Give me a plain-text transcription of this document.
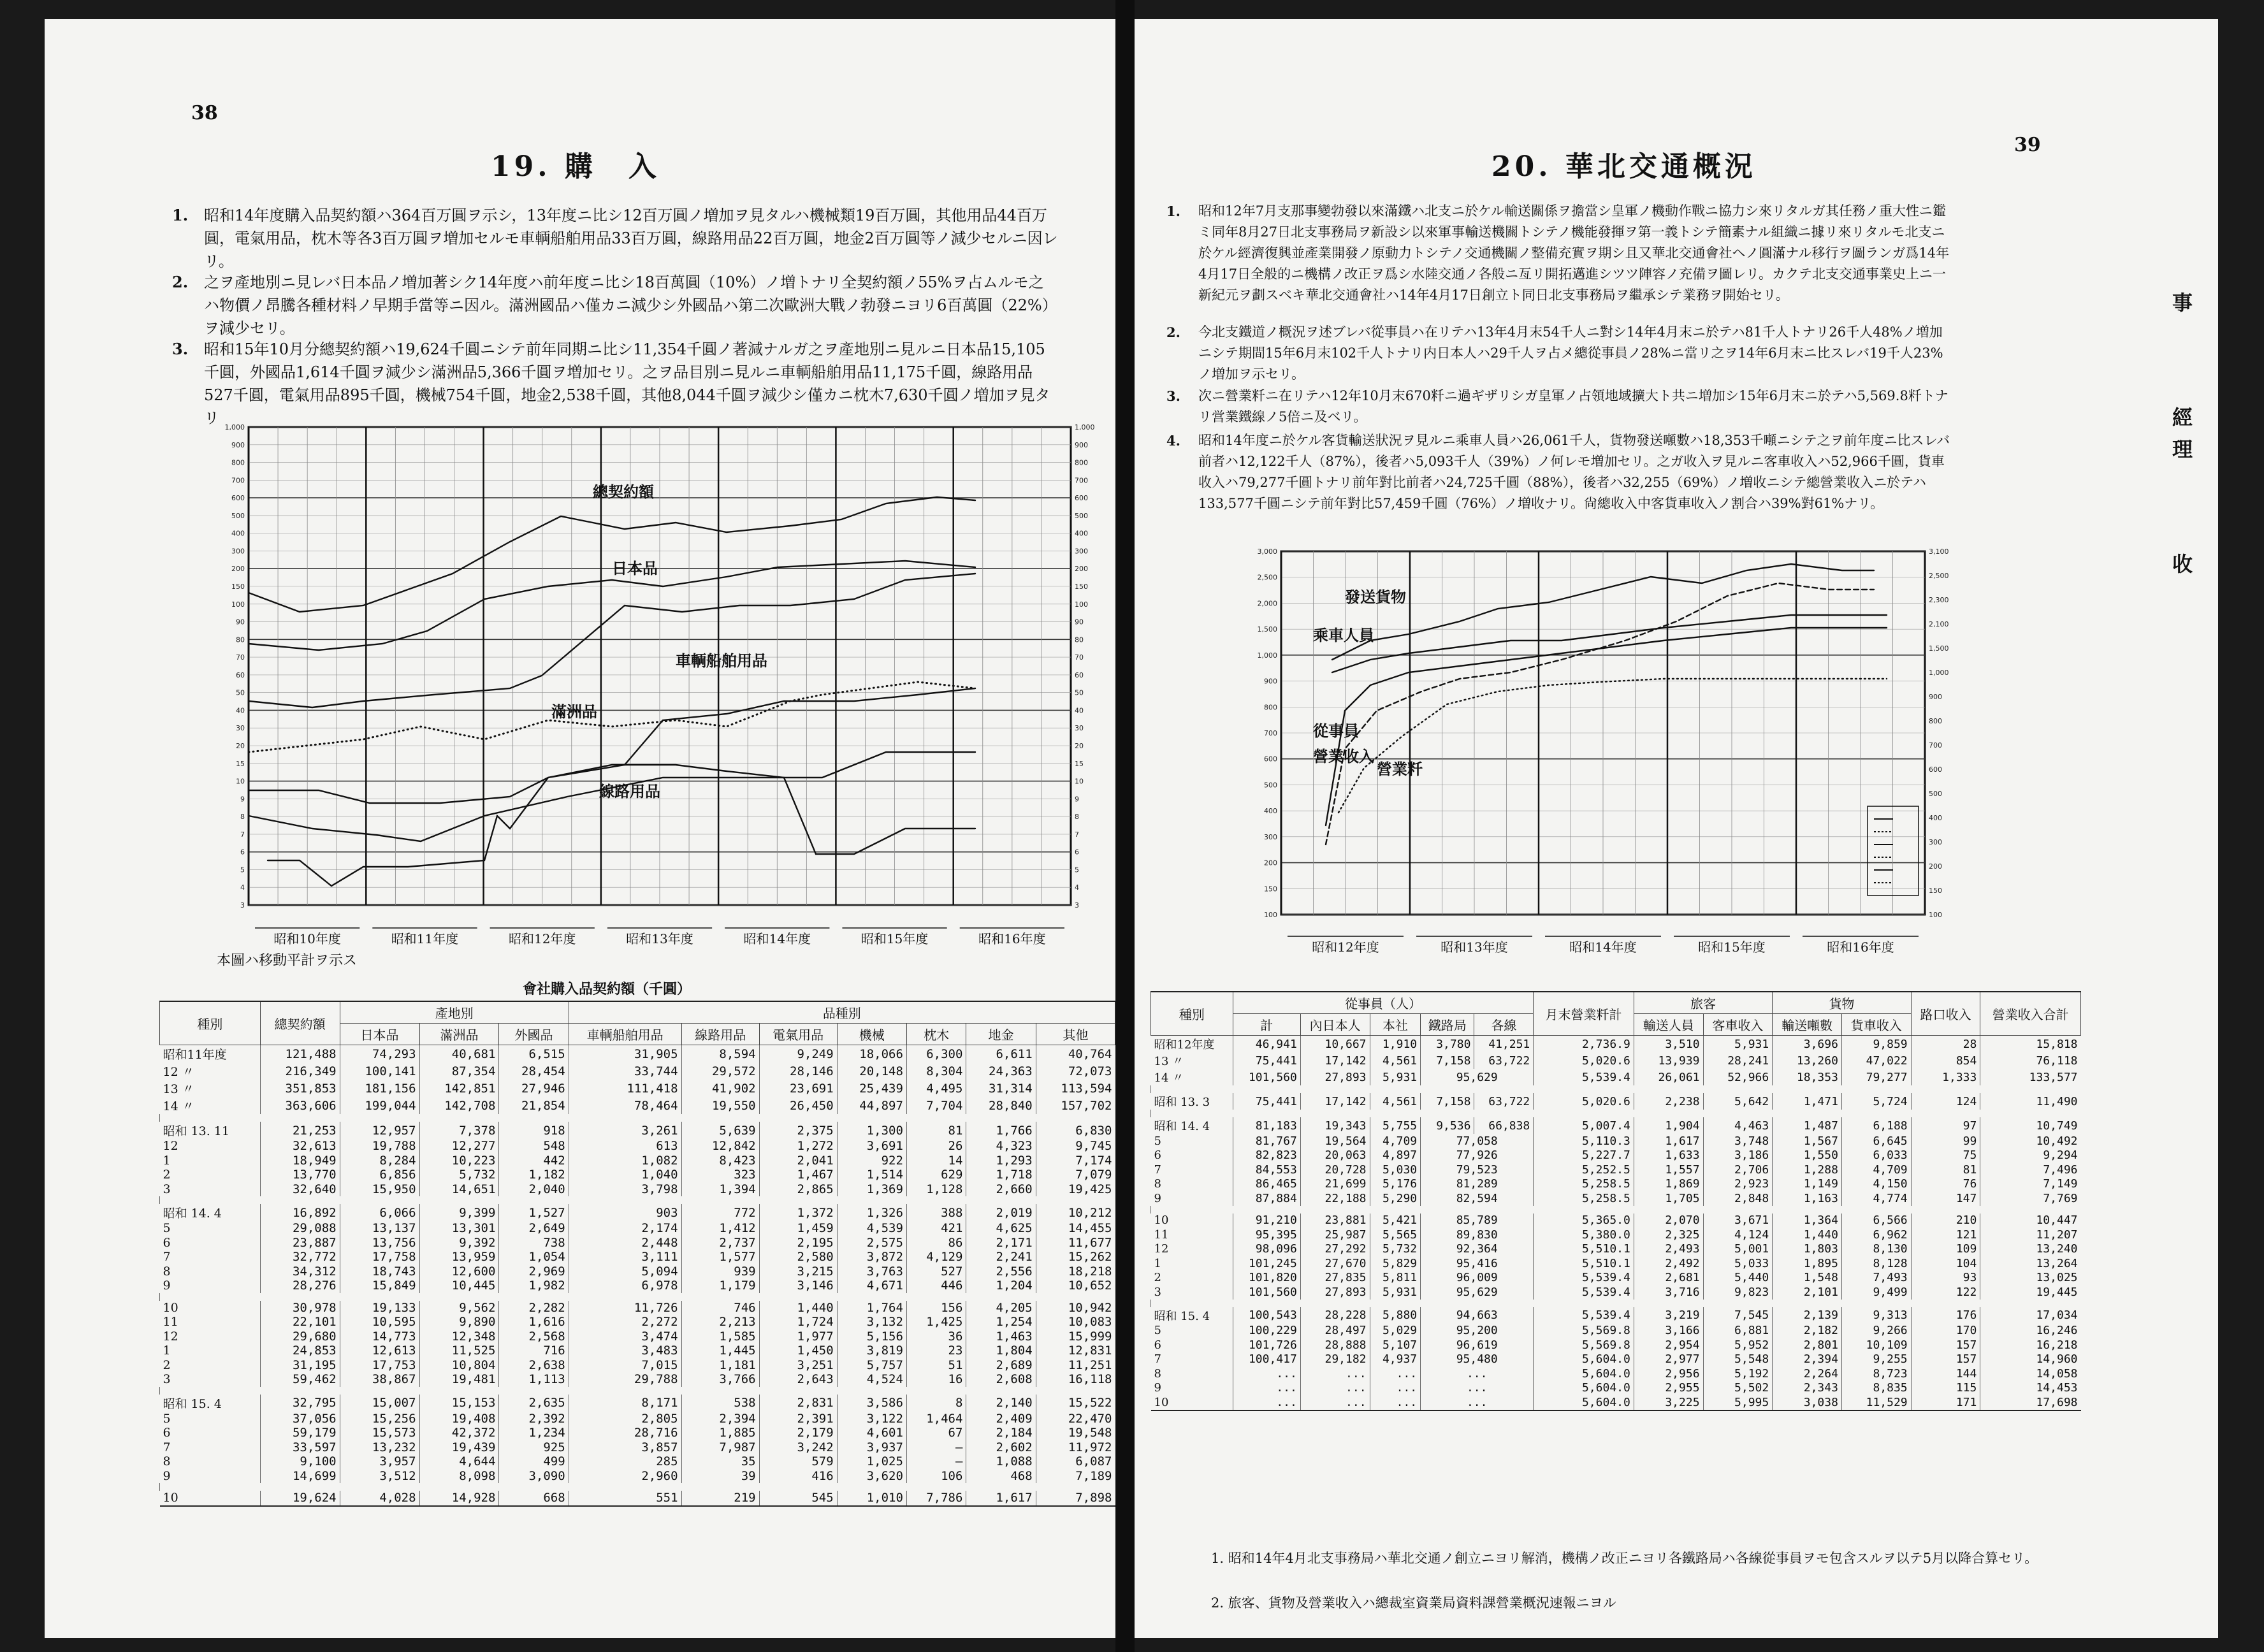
38
19. 購　入
1. 昭和14年度購入品契約額ハ364百万圓ヲ示シ，13年度ニ比シ12百万圓ノ増加ヲ見タルハ機械類19百万圓，其他用品44百万圓，電氣用品，枕木等各3百万圓ヲ増加セルモ車輌船舶用品33百万圓，線路用品22百万圓，地金2百万圓等ノ減少セルニ因レリ。
2. 之ヲ產地別ニ見レバ日本品ノ増加著シク14年度ハ前年度ニ比シ18百萬圓（10%）ノ増トナリ全契約額ノ55%ヲ占ムルモ之ハ物價ノ昂騰各種材料ノ早期手當等ニ因ル。滿洲國品ハ僅カニ減少シ外國品ハ第二次歐洲大戰ノ勃發ニヨリ6百萬圓（22%）ヲ減少セリ。
3. 昭和15年10月分總契約額ハ19,624千圓ニシテ前年同期ニ比シ11,354千圓ノ著減ナルガ之ヲ產地別ニ見ルニ日本品15,105千圓，外國品1,614千圓ヲ減少シ滿洲品5,366千圓ヲ増加セリ。之ヲ品目別ニ見ルニ車輌船舶用品11,175千圓，線路用品527千圓，電氣用品895千圓，機械754千圓，地金2,538千圓，其他8,044千圓ヲ減少シ僅カニ枕木7,630千圓ノ増加ヲ見タリ
1,000	1,000
900	900
800	800
700	700
600	600
500	500
400	400
300	300
200	200
150	150
100	100
90	90
80	80
70	70
60	60
50	50
40	40
30	30
20	20
15	15
10	10
9	9
8	8
7	7
6	6
5	5
4	4
3	3
昭和10年度	昭和11年度	昭和12年度	昭和13年度	昭和14年度	昭和15年度	昭和16年度
總契約額
日本品
車輌船舶用品
滿洲品
線路用品
本圖ハ移動平計ヲ示ス
會社購入品契約額（千圓）
種別	總契約額	產地別			品種別						
		日本品	滿洲品	外國品	車輌船舶用品	線路用品	電氣用品	機械	枕木	地金	其他
昭和11年度	121,488	74,293	40,681	6,515	31,905	8,594	9,249	18,066	6,300	6,611	40,764
12 〃	216,349	100,141	87,354	28,454	33,744	29,572	28,146	20,148	8,304	24,363	72,073
13 〃	351,853	181,156	142,851	27,946	111,418	41,902	23,691	25,439	4,495	31,314	113,594
14 〃	363,606	199,044	142,708	21,854	78,464	19,550	26,450	44,897	7,704	28,840	157,702

昭和 13. 11	21,253	12,957	7,378	918	3,261	5,639	2,375	1,300	81	1,766	6,830
12	32,613	19,788	12,277	548	613	12,842	1,272	3,691	26	4,323	9,745
1	18,949	8,284	10,223	442	1,082	8,423	2,041	922	14	1,293	7,174
2	13,770	6,856	5,732	1,182	1,040	323	1,467	1,514	629	1,718	7,079
3	32,640	15,950	14,651	2,040	3,798	1,394	2,865	1,369	1,128	2,660	19,425

昭和 14. 4	16,892	6,066	9,399	1,527	903	772	1,372	1,326	388	2,019	10,212
5	29,088	13,137	13,301	2,649	2,174	1,412	1,459	4,539	421	4,625	14,455
6	23,887	13,756	9,392	738	2,448	2,737	2,195	2,575	86	2,171	11,677
7	32,772	17,758	13,959	1,054	3,111	1,577	2,580	3,872	4,129	2,241	15,262
8	34,312	18,743	12,600	2,969	5,094	939	3,215	3,763	527	2,556	18,218
9	28,276	15,849	10,445	1,982	6,978	1,179	3,146	4,671	446	1,204	10,652

10	30,978	19,133	9,562	2,282	11,726	746	1,440	1,764	156	4,205	10,942
11	22,101	10,595	9,890	1,616	2,272	2,213	1,724	3,132	1,425	1,254	10,083
12	29,680	14,773	12,348	2,568	3,474	1,585	1,977	5,156	36	1,463	15,999
1	24,853	12,613	11,525	716	3,483	1,445	1,450	3,819	23	1,804	12,831
2	31,195	17,753	10,804	2,638	7,015	1,181	3,251	5,757	51	2,689	11,251
3	59,462	38,867	19,481	1,113	29,788	3,766	2,643	4,524	16	2,608	16,118

昭和 15. 4	32,795	15,007	15,153	2,635	8,171	538	2,831	3,586	8	2,140	15,522
5	37,056	15,256	19,408	2,392	2,805	2,394	2,391	3,122	1,464	2,409	22,470
6	59,179	15,573	42,372	1,234	28,716	1,885	2,179	4,601	67	2,184	19,548
7	33,597	13,232	19,439	925	3,857	7,987	3,242	3,937	—	2,602	11,972
8	9,100	3,957	4,644	499	285	35	579	1,025	—	1,088	6,087
9	14,699	3,512	8,098	3,090	2,960	39	416	3,620	106	468	7,189

10	19,624	4,028	14,928	668	551	219	545	1,010	7,786	1,617	7,898
39
20. 華北交通概況
事
經
理
收
1. 昭和12年7月支那事變勃發以來滿鐵ハ北支ニ於ケル輸送關係ヲ擔當シ皇軍ノ機動作戰ニ協力シ來リタルガ其任務ノ重大性ニ鑑ミ同年8月27日北支事務局ヲ新設シ以來軍事輸送機關トシテノ機能發揮ヲ第一義トシテ簡素ナル組織ニ據リ來リタルモ北支ニ於ケル經濟復興並產業開發ノ原動力トシテノ交通機關ノ整備充實ヲ期シ且又華北交通會社ヘノ圓滿ナル移行ヲ圖ランガ爲14年4月17日全般的ニ機構ノ改正ヲ爲シ水陸交通ノ各般ニ亙リ開拓邁進シツツ陣容ノ充備ヲ圖レリ。カクテ北支交通事業史上ニ一新紀元ヲ劃スベキ華北交通會社ハ14年4月17日創立ト同日北支事務局ヲ繼承シテ業務ヲ開始セリ。
2. 今北支鐵道ノ概況ヲ述ブレバ從事員ハ在リテハ13年4月末54千人ニ對シ14年4月末ニ於テハ81千人トナリ26千人48%ノ増加ニシテ期間15年6月末102千人トナリ内日本人ハ29千人ヲ占メ總從事員ノ28%ニ當リ之ヲ14年6月末ニ比スレバ19千人23%ノ増加ヲ示セリ。
3. 次ニ營業粁ニ在リテハ12年10月末670粁ニ過ギザリシガ皇軍ノ占領地域擴大ト共ニ増加シ15年6月末ニ於テハ5,569.8粁トナリ営業鐵線ノ5倍ニ及ベリ。
4. 昭和14年度ニ於ケル客貨輸送狀況ヲ見ルニ乘車人員ハ26,061千人，貨物發送噸數ハ18,353千噸ニシテ之ヲ前年度ニ比スレバ前者ハ12,122千人（87%），後者ハ5,093千人（39%）ノ何レモ増加セリ。之ガ收入ヲ見ルニ客車收入ハ52,966千圓，貨車收入ハ79,277千圓トナリ前年對比前者ハ24,725千圓（88%），後者ハ32,255（69%）ノ増收ニシテ總營業收入ニ於テハ133,577千圓ニシテ前年對比57,459千圓（76%）ノ増收ナリ。尙總收入中客貨車收入ノ割合ハ39%對61%ナリ。
3,000
2,500
2,000
1,500
1,000
900
800
700
600
500
400
300
200
150
100
3,100
2,500
2,300
2,100
1,500
1,000
900
800
700
600
500
400
300
200
150
100
昭和12年度	昭和13年度	昭和14年度	昭和15年度	昭和16年度
發送貨物
乘車人員
從事員
營業收入
營業粁
種別	從事員（人）					月末營業粁計	旅客		貨物		路口收入	營業收入合計
	計	內日本人	本社	鐵路局	各線		輸送人員	客車收入	輸送噸數	貨車收入		
昭和12年度	46,941	10,667	1,910	3,780	41,251	2,736.9	3,510	5,931	3,696	9,859	28	15,818
13 〃	75,441	17,142	4,561	7,158	63,722	5,020.6	13,939	28,241	13,260	47,022	854	76,118
14 〃	101,560	27,893	5,931	95,629		5,539.4	26,061	52,966	18,353	79,277	1,333	133,577

昭和 13. 3	75,441	17,142	4,561	7,158	63,722	5,020.6	2,238	5,642	1,471	5,724	124	11,490

昭和 14. 4	81,183	19,343	5,755	9,536	66,838	5,007.4	1,904	4,463	1,487	6,188	97	10,749
5	81,767	19,564	4,709	77,058		5,110.3	1,617	3,748	1,567	6,645	99	10,492
6	82,823	20,063	4,897	77,926		5,227.7	1,633	3,186	1,550	6,033	75	9,294
7	84,553	20,728	5,030	79,523		5,252.5	1,557	2,706	1,288	4,709	81	7,496
8	86,465	21,699	5,176	81,289		5,258.5	1,869	2,923	1,149	4,150	76	7,149
9	87,884	22,188	5,290	82,594		5,258.5	1,705	2,848	1,163	4,774	147	7,769

10	91,210	23,881	5,421	85,789		5,365.0	2,070	3,671	1,364	6,566	210	10,447
11	95,395	25,987	5,565	89,830		5,380.0	2,325	4,124	1,440	6,962	121	11,207
12	98,096	27,292	5,732	92,364		5,510.1	2,493	5,001	1,803	8,130	109	13,240
1	101,245	27,670	5,829	95,416		5,510.1	2,492	5,033	1,895	8,128	104	13,264
2	101,820	27,835	5,811	96,009		5,539.4	2,681	5,440	1,548	7,493	93	13,025
3	101,560	27,893	5,931	95,629		5,539.4	3,716	9,823	2,101	9,499	122	19,445

昭和 15. 4	100,543	28,228	5,880	94,663		5,539.4	3,219	7,545	2,139	9,313	176	17,034
5	100,229	28,497	5,029	95,200		5,569.8	3,166	6,881	2,182	9,266	170	16,246
6	101,726	28,888	5,107	96,619		5,569.8	2,954	5,952	2,801	10,109	157	16,218
7	100,417	29,182	4,937	95,480		5,604.0	2,977	5,548	2,394	9,255	157	14,960
8	...	...	...	...		5,604.0	2,956	5,192	2,264	8,723	144	14,058
9	...	...	...	...		5,604.0	2,955	5,502	2,343	8,835	115	14,453
10	...	...	...	...		5,604.0	3,225	5,995	3,038	11,529	171	17,698
1. 昭和14年4月北支事務局ハ華北交通ノ創立ニヨリ解消，機構ノ改正ニヨリ各鐵路局ハ各線從事員ヲモ包含スルヲ以テ5月以降合算セリ。
2. 旅客、貨物及營業收入ハ總裁室資業局資料課營業概況速報ニヨル
